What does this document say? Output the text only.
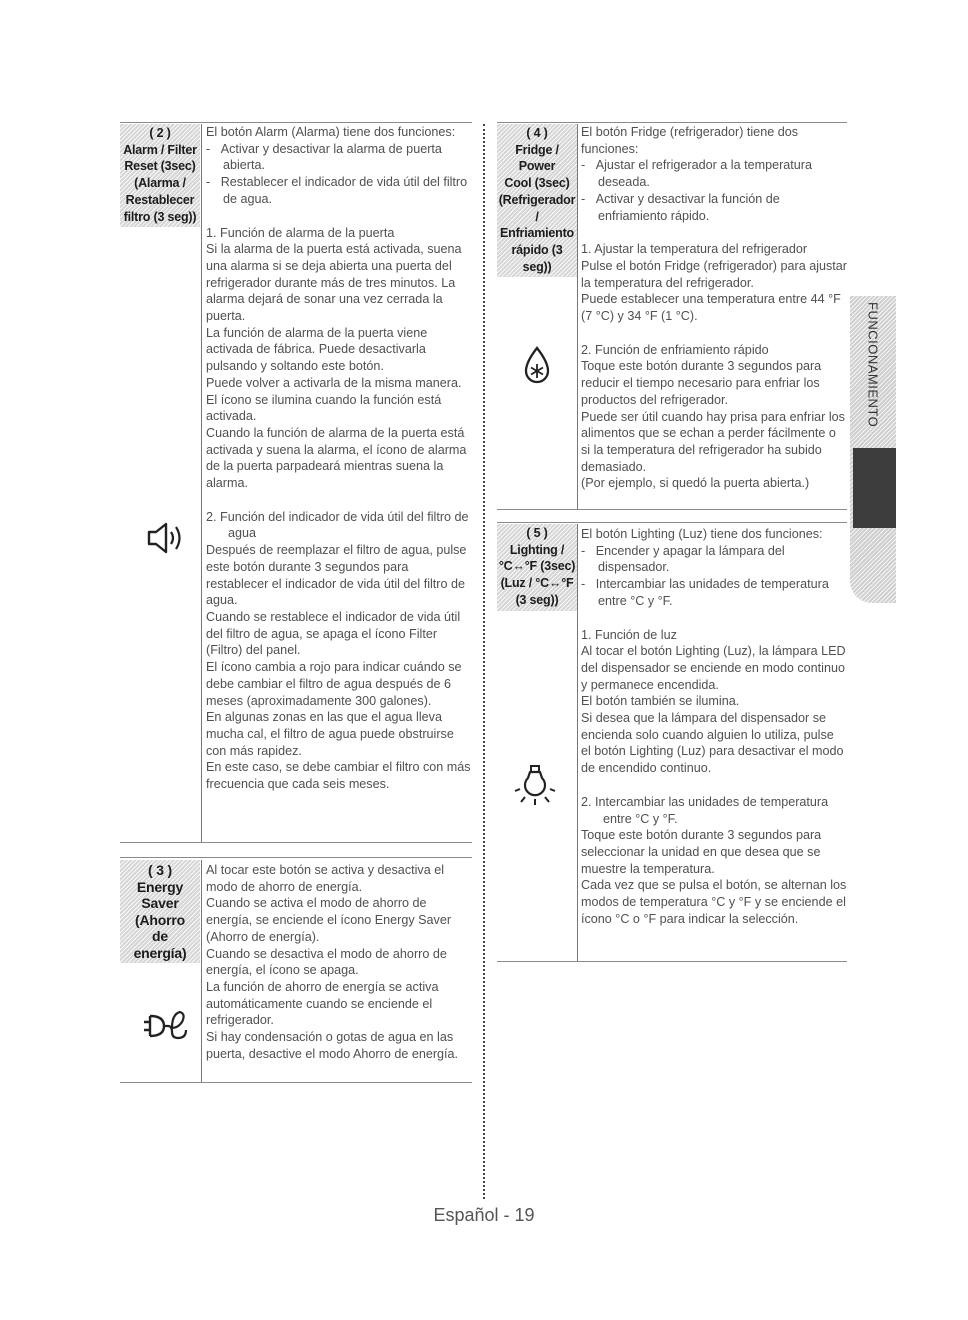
( 2 )
Alarm / Filter
Reset (3sec)
(Alarma /
Restablecer
filtro (3 seg))

El botón Alarm (Alarma) tiene dos funciones:

-   Activar y desactivar la alarma de puerta abierta.

-   Restablecer el indicador de vida útil del filtro de agua.

1. Función de alarma de la puerta

Si la alarma de la puerta está activada, suena una alarma si se deja abierta una puerta del refrigerador durante más de tres minutos. La alarma dejará de sonar una vez cerrada la puerta.

La función de alarma de la puerta viene activada de fábrica. Puede desactivarla pulsando y soltando este botón.

Puede volver a activarla de la misma manera. El ícono se ilumina cuando la función está activada.

Cuando la función de alarma de la puerta está activada y suena la alarma, el ícono de alarma de la puerta parpadeará mientras suena la alarma.

2. Función del indicador de vida útil del filtro de agua

Después de reemplazar el filtro de agua, pulse este botón durante 3 segundos para restablecer el indicador de vida útil del filtro de agua.

Cuando se restablece el indicador de vida útil del filtro de agua, se apaga el ícono Filter (Filtro) del panel.

El ícono cambia a rojo para indicar cuándo se debe cambiar el filtro de agua después de 6 meses (aproximadamente 300 galones).

En algunas zonas en las que el agua lleva mucha cal, el filtro de agua puede obstruirse con más rapidez.

En este caso, se debe cambiar el filtro con más frecuencia que cada seis meses.

( 3 )
Energy
Saver
(Ahorro
de
energía)

Al tocar este botón se activa y desactiva el modo de ahorro de energía.

Cuando se activa el modo de ahorro de energía, se enciende el ícono Energy Saver (Ahorro de energía).

Cuando se desactiva el modo de ahorro de energía, el ícono se apaga.

La función de ahorro de energía se activa automáticamente cuando se enciende el refrigerador.

Si hay condensación o gotas de agua en las puerta, desactive el modo Ahorro de energía.

( 4 )
Fridge /
Power
Cool (3sec)
(Refrigerador
/ Enfriamiento
rápido (3 seg))

El botón Fridge (refrigerador) tiene dos funciones:

-   Ajustar el refrigerador a la temperatura deseada.

-   Activar y desactivar la función de enfriamiento rápido.

1. Ajustar la temperatura del refrigerador

Pulse el botón Fridge (refrigerador) para ajustar la temperatura del refrigerador.

Puede establecer una temperatura entre 44 °F (7 °C) y 34 °F (1 °C).

2. Función de enfriamiento rápido

Toque este botón durante 3 segundos para reducir el tiempo necesario para enfriar los productos del refrigerador.

Puede ser útil cuando hay prisa para enfriar los alimentos que se echan a perder fácilmente o si la temperatura del refrigerador ha subido demasiado.

(Por ejemplo, si quedó la puerta abierta.)

( 5 )
Lighting /
°C↔°F (3sec)
(Luz / °C↔°F
(3 seg))

El botón Lighting (Luz) tiene dos funciones:

-   Encender y apagar la lámpara del dispensador.

-   Intercambiar las unidades de temperatura entre °C y °F.

1. Función de luz

Al tocar el botón Lighting (Luz), la lámpara LED del dispensador se enciende en modo continuo y permanece encendida.

El botón también se ilumina.

Si desea que la lámpara del dispensador se encienda solo cuando alguien lo utiliza, pulse el botón Lighting (Luz) para desactivar el modo de encendido continuo.

2. Intercambiar las unidades de temperatura entre °C y °F.

Toque este botón durante 3 segundos para seleccionar la unidad en que desea que se muestre la temperatura.

Cada vez que se pulsa el botón, se alternan los modos de temperatura °C y °F y se enciende el ícono °C o °F para indicar la selección.

FUNCIONAMIENTO
Español - 19
